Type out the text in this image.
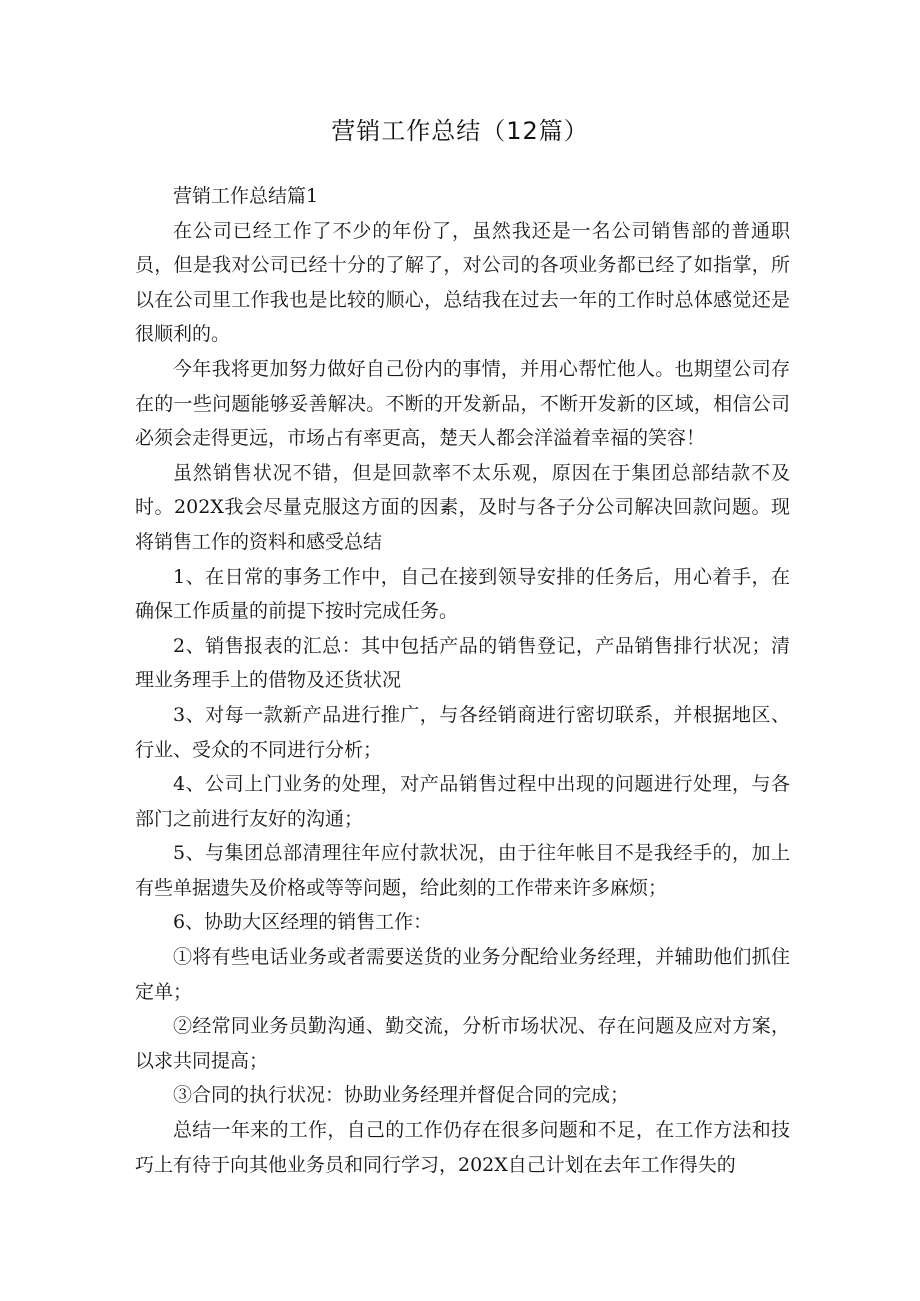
营销工作总结（12篇）

营销工作总结篇1

在公司已经工作了不少的年份了，虽然我还是一名公司销售部的普通职员，但是我对公司已经十分的了解了，对公司的各项业务都已经了如指掌，所以在公司里工作我也是比较的顺心，总结我在过去一年的工作时总体感觉还是很顺利的。

今年我将更加努力做好自己份内的事情，并用心帮忙他人。也期望公司存在的一些问题能够妥善解决。不断的开发新品，不断开发新的区域，相信公司必须会走得更远，市场占有率更高，楚天人都会洋溢着幸福的笑容！

虽然销售状况不错，但是回款率不太乐观，原因在于集团总部结款不及时。202X我会尽量克服这方面的因素，及时与各子分公司解决回款问题。现将销售工作的资料和感受总结

1、在日常的事务工作中，自己在接到领导安排的任务后，用心着手，在确保工作质量的前提下按时完成任务。

2、销售报表的汇总：其中包括产品的销售登记，产品销售排行状况；清理业务理手上的借物及还货状况

3、对每一款新产品进行推广，与各经销商进行密切联系，并根据地区、行业、受众的不同进行分析；

4、公司上门业务的处理，对产品销售过程中出现的问题进行处理，与各部门之前进行友好的沟通；

5、与集团总部清理往年应付款状况，由于往年帐目不是我经手的，加上有些单据遗失及价格或等等问题，给此刻的工作带来许多麻烦；

6、协助大区经理的销售工作：

①将有些电话业务或者需要送货的业务分配给业务经理，并辅助他们抓住定单；

②经常同业务员勤沟通、勤交流，分析市场状况、存在问题及应对方案，以求共同提高；

③合同的执行状况：协助业务经理并督促合同的完成；

总结一年来的工作，自己的工作仍存在很多问题和不足，在工作方法和技巧上有待于向其他业务员和同行学习，202X自己计划在去年工作得失的
